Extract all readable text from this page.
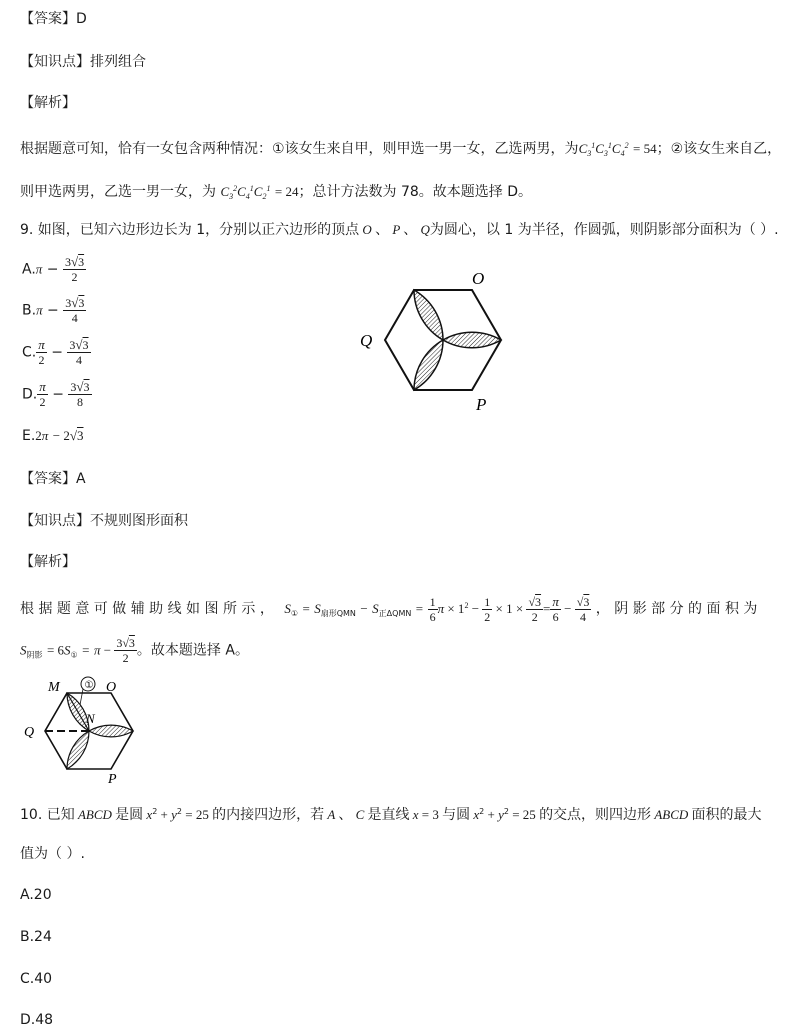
【答案】D
【知识点】排列组合
【解析】
根据题意可知，恰有一女包含两种情况：①该女生来自甲，则甲选一男一女，乙选两男，为$C_3^1C_3^1C_4^2 = 54$；②该女生来自乙，
则甲选两男，乙选一男一女，为 $C_3^2C_4^1C_2^1 = 24$；总计方法数为 78。故本题选择 D。
9. 如图，已知六边形边长为 1，分别以正六边形的顶点 O 、 P 、 Q为圆心，以 1 为半径，作圆弧，则阴影部分面积为（ ）.
$A.\pi - \frac{3√3}{2}$
$B.\pi - \frac{3√3}{4}$
C. $\frac{\pi}{2} - \frac{3√3}{4}$
D. $\frac{\pi}{2} - \frac{3√3}{8}$
E.2π − 2√3
O
Q
P
【答案】A
【知识点】不规则图形面积
【解析】
根 据 题 意 可 做 辅 助 线 如 图 所 示 ， $S_① = S_{扇形QMN} - S_{正\Delta QMN} = \frac{1}{6}$ $\pi \times 1^2 - \frac{1}{2} \times 1 \times \frac{√3}{2} = \frac{\pi}{6} - \frac{√3}{4}$ ， 阴 影 部 分 的 面 积 为
$S_{阴影} = 6S_① = \pi - \frac{3√3}{2}$ 。故本题选择 A。
①
M	O
N
Q
P
10. 已知 ABCD 是圆 $x^2 + y^2 = 25$ 的内接四边形，若 A 、 C 是直线 x = 3 与圆 $x^2 + y^2 = 25$ 的交点，则四边形 ABCD 面积的最大
值为（ ）.
A.20
B.24
C.40
D.48
